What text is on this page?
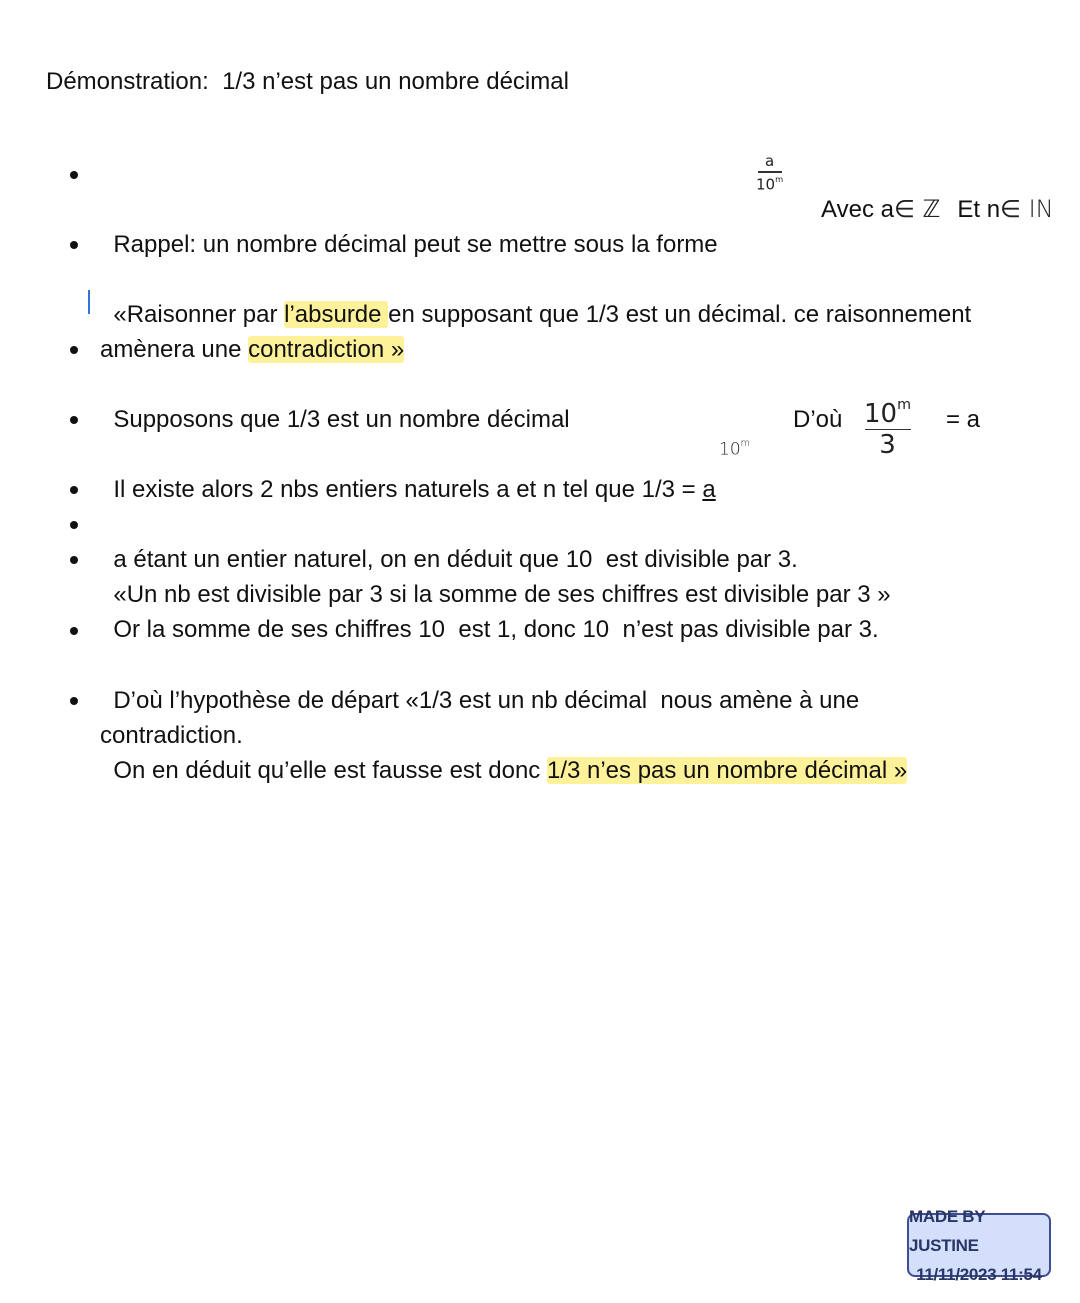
Démonstration:  1/3 n’est pas un nombre décimal

Rappel: un nombre décimal peut se mettre sous la forme

a
10$^m$

Avec a∈ ℤ Et n∈ IN

«Raisonner par l’absurde en supposant que 1/3 est un décimal. ce raisonnement
amènera une contradiction »

Supposons que 1/3 est un nombre décimal

Il existe alors 2 nbs entiers naturels a et n tel que 1/3 = a

10$^m$
D’où 10$^m$
3
= a

a étant un entier naturel, on en déduit que 10  est divisible par 3.

«Un nb est divisible par 3 si la somme de ses chiffres est divisible par 3 »

Or la somme de ses chiffres 10  est 1, donc 10  n’est pas divisible par 3.

D’où l’hypothèse de départ «1/3 est un nb décimal  nous amène à une
contradiction.

On en déduit qu’elle est fausse est donc 1/3 n’es pas un nombre décimal »

MADE BY JUSTINE
11/11/2023 11:54
